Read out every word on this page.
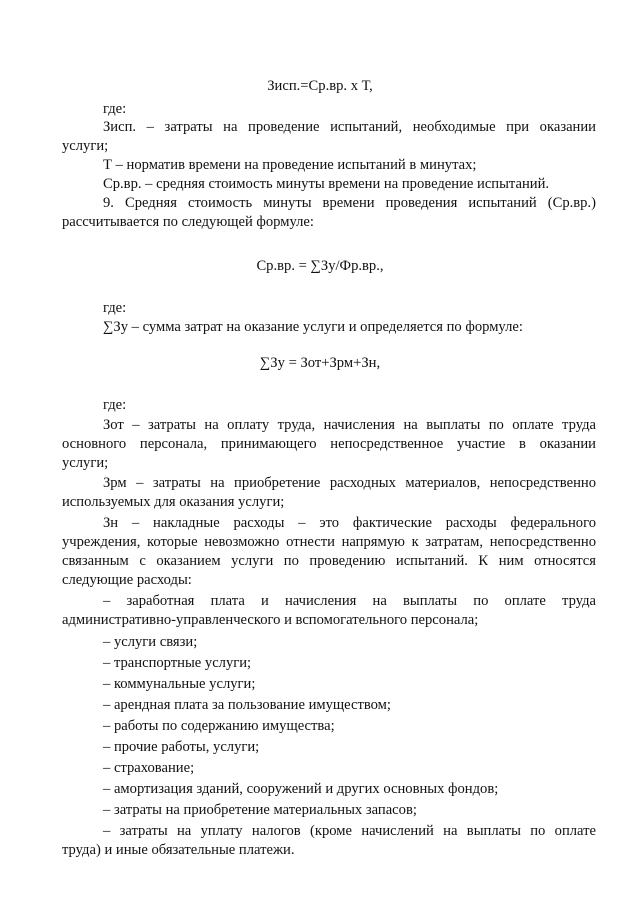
Зисп.=Ср.вр. х Т,
где:
Зисп. – затраты на проведение испытаний, необходимые при оказании
услуги;
Т – норматив времени на проведение испытаний в минутах;
Ср.вр. – средняя стоимость минуты времени на проведение испытаний.
9. Средняя стоимость минуты времени проведения испытаний (Ср.вр.)
рассчитывается по следующей формуле:
Ср.вр. = ∑Зу/Фр.вр.,
где:
∑Зу – сумма затрат на оказание услуги и определяется по формуле:
∑Зу = Зот+Зрм+Зн,
где:
Зот – затраты на оплату труда, начисления на выплаты по оплате труда
основного персонала, принимающего непосредственное участие в оказании
услуги;
Зрм – затраты на приобретение расходных материалов, непосредственно
используемых для оказания услуги;
Зн – накладные расходы – это фактические расходы федерального
учреждения, которые невозможно отнести напрямую к затратам, непосредственно
связанным с оказанием услуги по проведению испытаний. К ним относятся
следующие расходы:
– заработная плата и начисления на выплаты по оплате труда
административно-управленческого и вспомогательного персонала;
– услуги связи;
– транспортные услуги;
– коммунальные услуги;
– арендная плата за пользование имуществом;
– работы по содержанию имущества;
– прочие работы, услуги;
– страхование;
– амортизация зданий, сооружений и других основных фондов;
– затраты на приобретение материальных запасов;
– затраты на уплату налогов (кроме начислений на выплаты по оплате
труда) и иные обязательные платежи.
